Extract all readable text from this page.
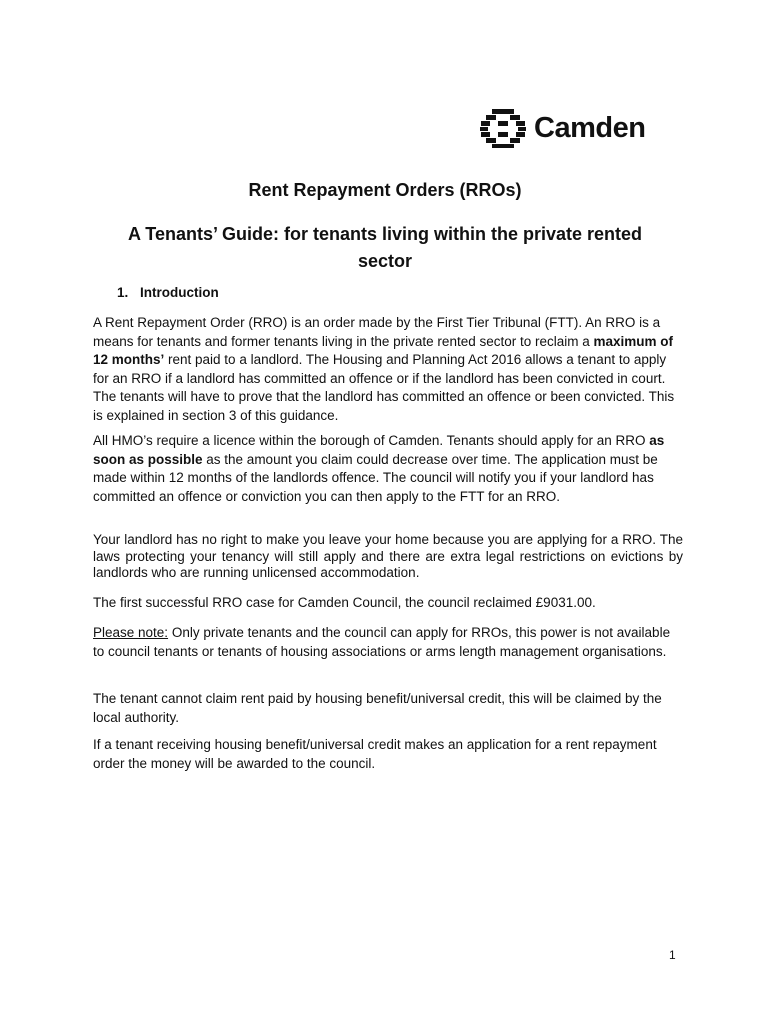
Camden
Rent Repayment Orders (RROs)
A Tenants’ Guide: for tenants living within the private rented sector
1. Introduction

A Rent Repayment Order (RRO) is an order made by the First Tier Tribunal (FTT). An RRO is a means for tenants and former tenants living in the private rented sector to reclaim a maximum of 12 months’ rent paid to a landlord. The Housing and Planning Act 2016 allows a tenant to apply for an RRO if a landlord has committed an offence or if the landlord has been convicted in court. The tenants will have to prove that the landlord has committed an offence or been convicted. This is explained in section 3 of this guidance.

All HMO’s require a licence within the borough of Camden. Tenants should apply for an RRO as soon as possible as the amount you claim could decrease over time. The application must be made within 12 months of the landlords offence. The council will notify you if your landlord has committed an offence or conviction you can then apply to the FTT for an RRO.

Your landlord has no right to make you leave your home because you are applying for a RRO. The laws protecting your tenancy will still apply and there are extra legal restrictions on evictions by landlords who are running unlicensed accommodation.

The first successful RRO case for Camden Council, the council reclaimed £9031.00.

Please note: Only private tenants and the council can apply for RROs, this power is not available to council tenants or tenants of housing associations or arms length management organisations.

The tenant cannot claim rent paid by housing benefit/universal credit, this will be claimed by the local authority.

If a tenant receiving housing benefit/universal credit makes an application for a rent repayment order the money will be awarded to the council.

1
